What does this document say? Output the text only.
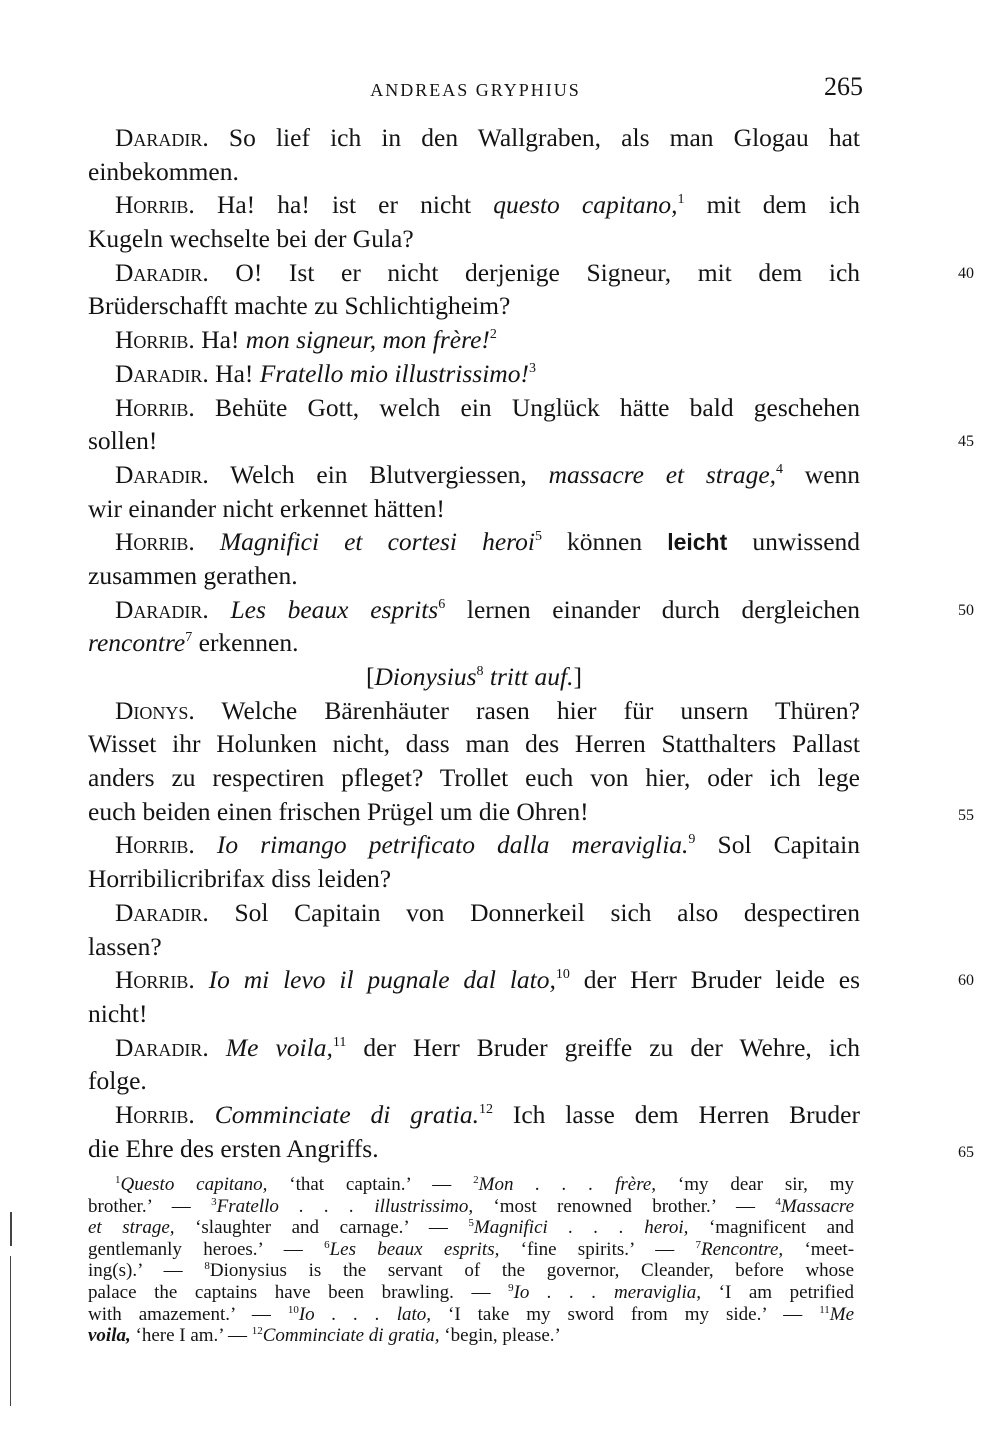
ANDREAS GRYPHIUS	265
Daradir. So lief ich in den Wallgraben, als man Glogau hat
einbekommen.
Horrib. Ha! ha! ist er nicht questo capitano,$^1$ mit dem ich
Kugeln wechselte bei der Gula?
Daradir. O! Ist er nicht derjenige Signeur, mit dem ich	40
Brüderschafft machte zu Schlichtigheim?
Horrib. Ha! mon signeur, mon frère!$^2$
Daradir. Ha! Fratello mio illustrissimo!$^3$
Horrib. Behüte Gott, welch ein Unglück hätte bald geschehen
sollen!	45
Daradir. Welch ein Blutvergiessen, massacre et strage,$^4$ wenn
wir einander nicht erkennet hätten!
Horrib. Magnifici et cortesi heroi$^5$ können leicht unwissend
zusammen gerathen.
Daradir. Les beaux esprits$^6$ lernen einander durch dergleichen	50
rencontre$^7$ erkennen.
[Dionysius$^8$ tritt auf.]
Dionys. Welche Bärenhäuter rasen hier für unsern Thüren?
Wisset ihr Holunken nicht, dass man des Herren Statthalters Pallast
anders zu respectiren pfleget? Trollet euch von hier, oder ich lege
euch beiden einen frischen Prügel um die Ohren!	55
Horrib. Io rimango petrificato dalla meraviglia.$^9$ Sol Capitain
Horribilicribrifax diss leiden?
Daradir. Sol Capitain von Donnerkeil sich also despectiren
lassen?
Horrib. Io mi levo il pugnale dal lato,$^{10}$ der Herr Bruder leide es	60
nicht!
Daradir. Me voila,$^{11}$ der Herr Bruder greiffe zu der Wehre, ich
folge.
Horrib. Comminciate di gratia.$^{12}$ Ich lasse dem Herren Bruder
die Ehre des ersten Angriffs.	65
$^1$Questo capitano, ‘that captain.’ — $^2$Mon . . . frère, ‘my dear sir, my
brother.’ — $^3$Fratello . . . illustrissimo, ‘most renowned brother.’ — $^4$Massacre
et strage, ‘slaughter and carnage.’ — $^5$Magnifici . . . heroi, ‘magnificent and
gentlemanly heroes.’ — $^6$Les beaux esprits, ‘fine spirits.’ — $^7$Rencontre, ‘meet-
ing(s).’ — $^8$Dionysius is the servant of the governor, Cleander, before whose
palace the captains have been brawling. — $^9$Io . . . meraviglia, ‘I am petrified
with amazement.’ — $^{10}$Io . . . lato, ‘I take my sword from my side.’ — $^{11}$Me
voila, ‘here I am.’ — $^{12}$Comminciate di gratia, ‘begin, please.’
